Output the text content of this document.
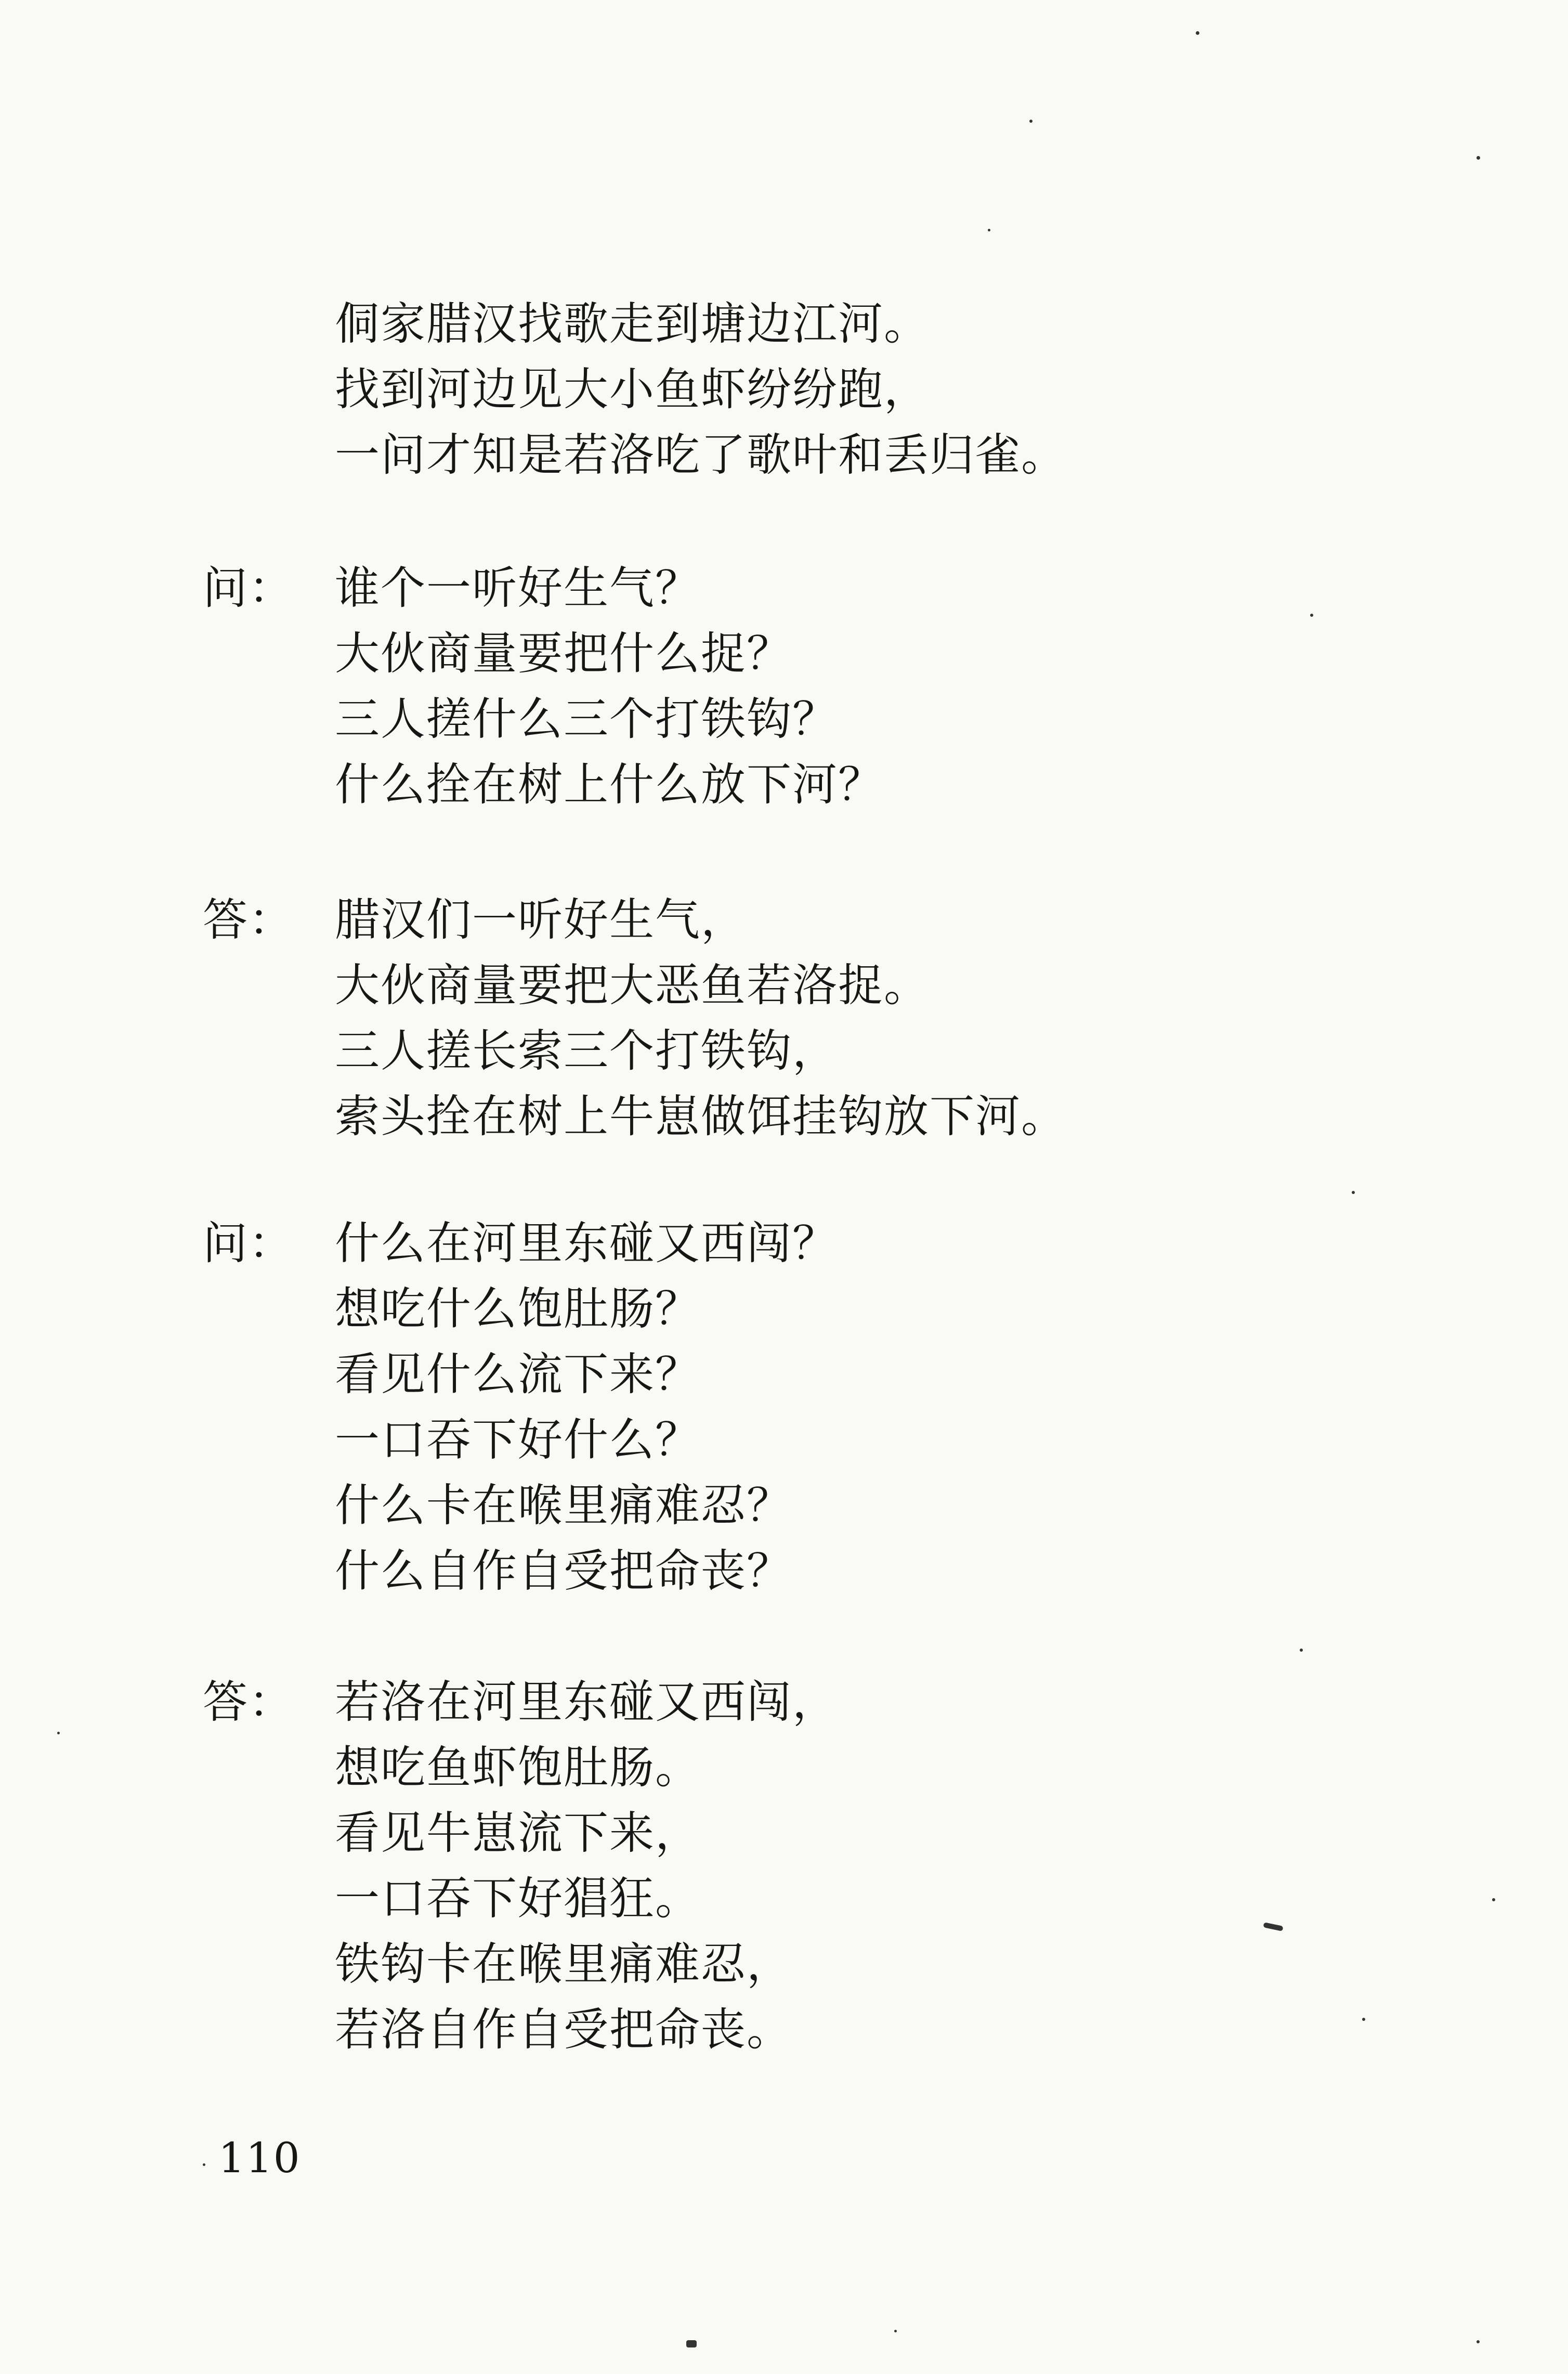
侗家腊汉找歌走到塘边江河。
找到河边见大小鱼虾纷纷跑，
一问才知是若洛吃了歌叶和丢归雀。
问： 谁个一听好生气？
大伙商量要把什么捉？
三人搓什么三个打铁钩？
什么拴在树上什么放下河？
答： 腊汉们一听好生气，
大伙商量要把大恶鱼若洛捉。
三人搓长索三个打铁钩，
索头拴在树上牛崽做饵挂钩放下河。
问： 什么在河里东碰又西闯？
想吃什么饱肚肠？
看见什么流下来？
一口吞下好什么？
什么卡在喉里痛难忍？
什么自作自受把命丧？
答： 若洛在河里东碰又西闯，
想吃鱼虾饱肚肠。
看见牛崽流下来，
一口吞下好猖狂。
铁钩卡在喉里痛难忍，
若洛自作自受把命丧。
110
